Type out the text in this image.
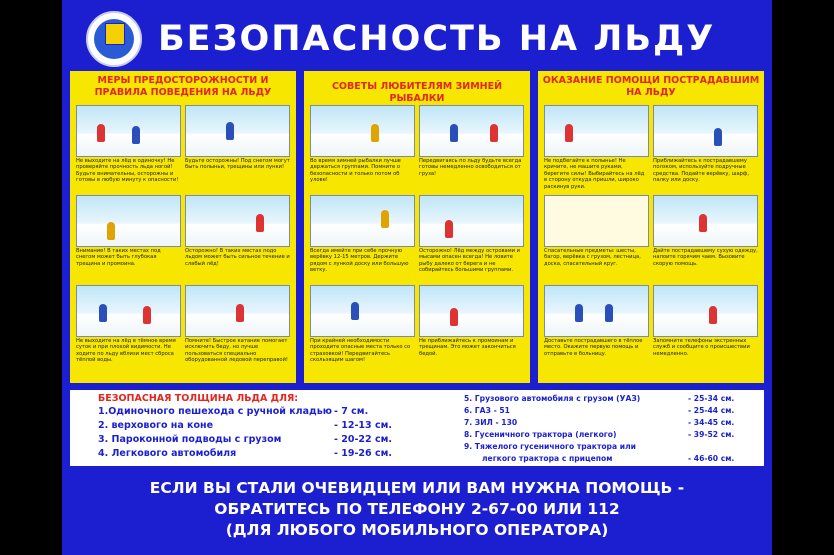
БЕЗОПАСНОСТЬ НА ЛЬДУ
МЕРЫ ПРЕДОСТОРОЖНОСТИ И ПРАВИЛА ПОВЕДЕНИЯ НА ЛЬДУ
Не выходите на лёд в одиночку! Не проверяйте прочность льда ногой! Будьте внимательны, осторожны и готовы в любую минуту к опасности!
Будьте осторожны! Под снегом могут быть полыньи, трещины или лунки!
Внимание! В таких местах под снегом может быть глубокая трещина и промоина.
Осторожно! В таких местах подо льдом может быть сильное течение и слабый лёд!
Не выходите на лёд в тёмное время суток и при плохой видимости. Не ходите по льду вблизи мест сброса тёплой воды.
Помните! Быстрое катание помогает исключить беду, но лучше пользоваться специально оборудованной ледовой переправой!
СОВЕТЫ ЛЮБИТЕЛЯМ ЗИМНЕЙ РЫБАЛКИ
Во время зимней рыбалки лучше держаться группами. Помните о безопасности и только потом об улове!
Передвигаясь по льду будьте всегда готовы немедленно освободиться от груза!
Всегда имейте при себе прочную верёвку 12-15 метров. Держите рядом с лункой доску или большую ветку.
Осторожно! Лёд между островами и мысами опасен всегда! Не ловите рыбу далеко от берега и не собирайтесь большими группами.
При крайней необходимости проходите опасные места только со страховкой! Передвигайтесь скользящим шагом!
Не приближайтесь к промоинам и трещинам. Это может закончиться бедой.
ОКАЗАНИЕ ПОМОЩИ ПОСТРАДАВШИМ НА ЛЬДУ
Не подбегайте к полынье! Не кричите, не машите руками, берегите силы! Выбирайтесь на лёд в сторону откуда пришли, широко раскинув руки.
Приближайтесь к пострадавшему ползком, используйте подручные средства. Подайте верёвку, шарф, палку или доску.
Спасательные предметы: шесты, багор, верёвка с грузом, лестница, доска, спасательный круг.
Дайте пострадавшему сухую одежду, напоите горячим чаем. Вызовите скорую помощь.
Доставьте пострадавшего в тёплое место. Окажите первую помощь и отправьте в больницу.
Запомните телефоны экстренных служб и сообщите о происшествии немедленно.
БЕЗОПАСНАЯ ТОЛЩИНА ЛЬДА ДЛЯ:
1.Одиночного пешехода с ручной кладью - 7 см.
2. верхового на коне	- 12-13 см.
3. Пароконной подводы с грузом	- 20-22 см.
4. Легкового автомобиля	- 19-26 см.
5. Грузового автомобиля с грузом (УАЗ)	- 25-34 см.
6. ГАЗ - 51	- 25-44 см.
7. ЗИЛ - 130	- 34-45 см.
8. Гусеничного трактора (легкого)	- 39-52 см.
9. Тяжелого гусеничного трактора или
легкого трактора с прицепом	- 46-60 см.
ЕСЛИ ВЫ СТАЛИ ОЧЕВИДЦЕМ ИЛИ ВАМ НУЖНА ПОМОЩЬ -
ОБРАТИТЕСЬ ПО ТЕЛЕФОНУ 2-67-00 ИЛИ 112
(ДЛЯ ЛЮБОГО МОБИЛЬНОГО ОПЕРАТОРА)
